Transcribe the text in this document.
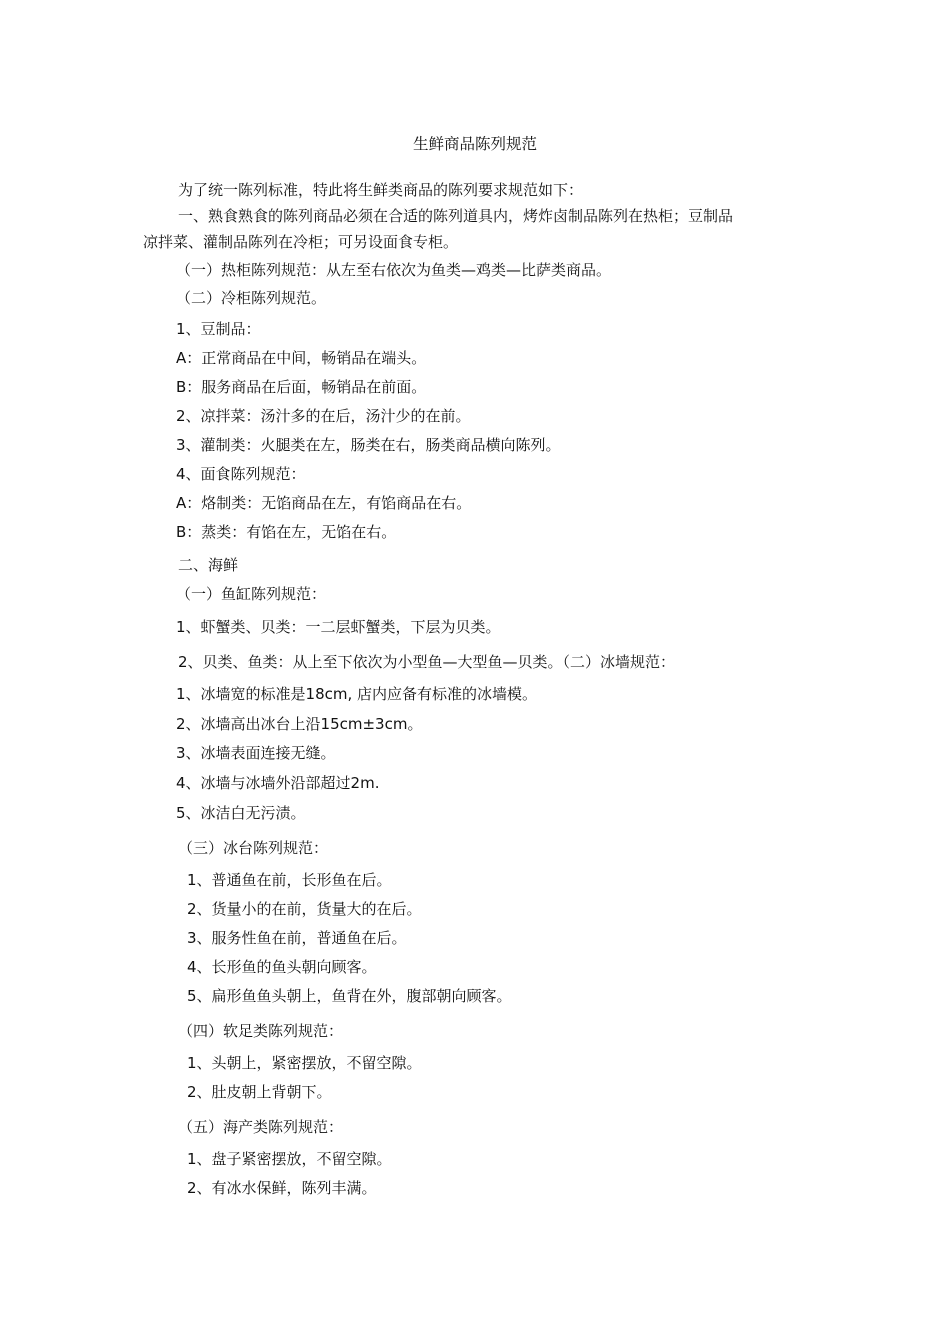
生鲜商品陈列规范
为了统一陈列标准，特此将生鲜类商品的陈列要求规范如下：
一、熟食熟食的陈列商品必须在合适的陈列道具内，烤炸卤制品陈列在热柜；豆制品
凉拌菜、灌制品陈列在冷柜；可另设面食专柜。
（一）热柜陈列规范：从左至右依次为鱼类—鸡类—比萨类商品。
（二）冷柜陈列规范。
1、豆制品：
A：正常商品在中间，畅销品在端头。
B：服务商品在后面，畅销品在前面。
2、凉拌菜：汤汁多的在后，汤汁少的在前。
3、灌制类：火腿类在左，肠类在右，肠类商品横向陈列。
4、面食陈列规范：
A：烙制类：无馅商品在左，有馅商品在右。
B：蒸类：有馅在左，无馅在右。
二、海鲜
（一）鱼缸陈列规范：
1、虾蟹类、贝类：一二层虾蟹类，下层为贝类。
2、贝类、鱼类：从上至下依次为小型鱼—大型鱼—贝类。（二）冰墙规范：
1、冰墙宽的标准是18cm, 店内应备有标准的冰墙模。
2、冰墙高出冰台上沿15cm±3cm。
3、冰墙表面连接无缝。
4、冰墙与冰墙外沿部超过2m.
5、冰洁白无污渍。
（三）冰台陈列规范：
1、普通鱼在前，长形鱼在后。
2、货量小的在前，货量大的在后。
3、服务性鱼在前，普通鱼在后。
4、长形鱼的鱼头朝向顾客。
5、扁形鱼鱼头朝上，鱼背在外，腹部朝向顾客。
（四）软足类陈列规范：
1、头朝上，紧密摆放，不留空隙。
2、肚皮朝上背朝下。
（五）海产类陈列规范：
1、盘子紧密摆放，不留空隙。
2、有冰水保鲜，陈列丰满。
